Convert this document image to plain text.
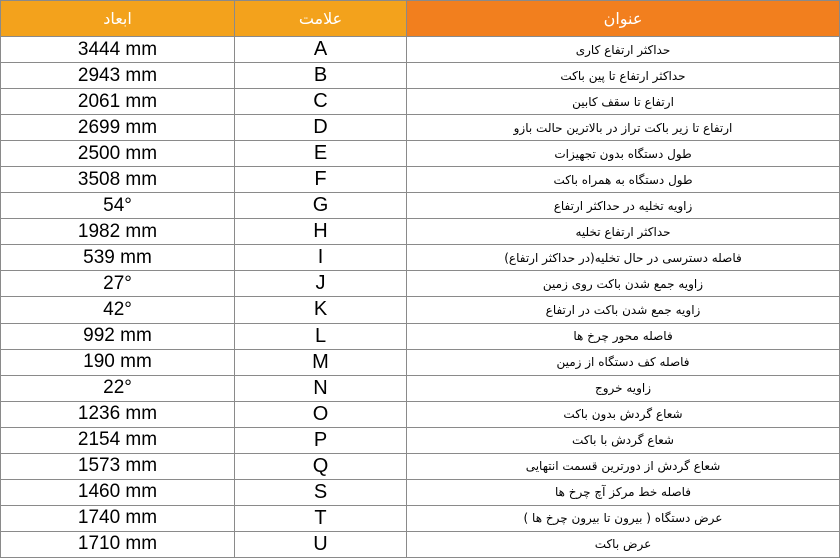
ابعاد	علامت	عنوان
3444 mm	A	حداکثر ارتفاع کاری
2943 mm	B	حداکثر ارتفاع تا پین باکت
2061 mm	C	ارتفاع تا سقف کابین
2699 mm	D	ارتفاع تا زیر باکت تراز در بالاترین حالت بازو
2500 mm	E	طول دستگاه بدون تجهیزات
3508 mm	F	طول دستگاه به همراه باکت
54°	G	زاویه تخلیه در حداکثر ارتفاع
1982 mm	H	حداکثر ارتفاع تخلیه
539 mm	I	فاصله دسترسی در حال تخلیه(در حداکثر ارتفاع)
27°	J	زاویه جمع شدن باکت روی زمین
42°	K	زاویه جمع شدن باکت در ارتفاع
992 mm	L	فاصله محور چرخ ها
190 mm	M	فاصله کف دستگاه از زمین
22°	N	زاویه خروج
1236 mm	O	شعاع گردش بدون باکت
2154 mm	P	شعاع گردش با باکت
1573 mm	Q	شعاع گردش از دورترین قسمت انتهایی
1460 mm	S	فاصله خط مرکز آچ چرخ ها
1740 mm	T	عرض دستگاه ( بیرون تا بیرون چرخ ها )
1710 mm	U	عرض باکت
